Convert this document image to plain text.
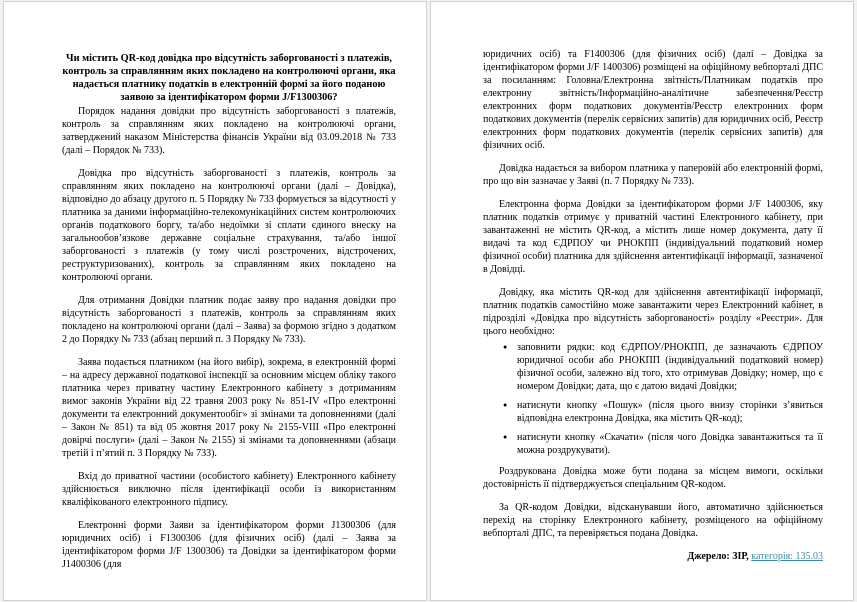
Чи містить QR-код довідка про відсутність заборгованості з платежів, контроль за справлянням яких покладено на контролюючі органи, яка надається платнику податків в електронній формі за його поданою заявою за ідентифікатором форми J/F1300306?

Порядок надання довідки про відсутність заборгованості з платежів, контроль за справлянням яких покладено на контролюючі органи, затверджений наказом Міністерства фінансів України від 03.09.2018 № 733 (далі – Порядок № 733).

Довідка про відсутність заборгованості з платежів, контроль за справлянням яких покладено на контролюючі органи (далі – Довідка), відповідно до абзацу другого п. 5 Порядку № 733 формується за відсутності у платника за даними інформаційно-телекомунікаційних систем контролюючих органів податкового боргу, та/або недоїмки зі сплати єдиного внеску на загальнообов’язкове державне соціальне страхування, та/або іншої заборгованості з платежів (у тому числі розстрочених, відстрочених, реструктуризованих), контроль за справлянням яких покладено на контролюючі органи.

Для отримання Довідки платник подає заяву про надання довідки про відсутність заборгованості з платежів, контроль за справлянням яких покладено на контролюючі органи (далі – Заява) за формою згідно з додатком 2 до Порядку № 733 (абзац перший п. 3 Порядку № 733).

Заява подається платником (на його вибір), зокрема, в електронній формі – на адресу державної податкової інспекції за основним місцем обліку такого платника через приватну частину Електронного кабінету з дотриманням вимог законів України від 22 травня 2003 року № 851-IV «Про електронні документи та електронний документообіг» зі змінами та доповненнями (далі – Закон № 851) та від 05 жовтня 2017 року № 2155-VIII «Про електронні довірчі послуги» (далі – Закон № 2155) зі змінами та доповненнями (абзаци третій і п’ятий п. 3 Порядку № 733).

Вхід до приватної частини (особистого кабінету) Електронного кабінету здійснюється виключно після ідентифікації особи із використанням кваліфікованого електронного підпису.

Електронні форми Заяви за ідентифікатором форми J1300306 (для юридичних осіб) і F1300306 (для фізичних осіб) (далі – Заява за ідентифікатором форми J/F 1300306) та Довідки за ідентифікатором форми J1400306 (для

юридичних осіб) та F1400306 (для фізичних осіб) (далі – Довідка за ідентифікатором форми J/F 1400306) розміщені на офіційному вебпорталі ДПС за посиланням: Головна/Електронна звітність/Платникам податків про електронну звітність/Інформаційно-аналітичне забезпечення/Реєстр електронних форм податкових документів/Реєстр електронних форм податкових документів (перелік сервісних запитів) для юридичних осіб, Реєстр електронних форм податкових документів (перелік сервісних запитів) для фізичних осіб.

Довідка надається за вибором платника у паперовій або електронній формі, про що він зазначає у Заяві (п. 7 Порядку № 733).

Електронна форма Довідки за ідентифікатором форми J/F 1400306, яку платник податків отримує у приватній частині Електронного кабінету, при завантаженні не містить QR-код, а містить лише номер документа, дату її видачі та код ЄДРПОУ чи РНОКПП (індивідуальний податковий номер фізичної особи) платника для здійснення автентифікації інформації, зазначеної в Довідці.

Довідку, яка містить QR-код для здійснення автентифікації інформації, платник податків самостійно може завантажити через Електронний кабінет, в підрозділі «Довідка про відсутність заборгованості» розділу «Реєстри». Для цього необхідно:

● заповнити рядки: код ЄДРПОУ/РНОКПП, де зазначають ЄДРПОУ юридичної особи або РНОКПП (індивідуальний податковий номер) фізичної особи, залежно від того, хто отримував Довідку; номер, що є номером Довідки; дата, що є датою видачі Довідки;
● натиснути кнопку «Пошук» (після цього внизу сторінки з’явиться відповідна електронна Довідка, яка містить QR-код);
● натиснути кнопку «Скачати» (після чого Довідка завантажиться та її можна роздрукувати).

Роздрукована Довідка може бути подана за місцем вимоги, оскільки достовірність її підтверджується спеціальним QR-кодом.

За QR-кодом Довідки, відсканувавши його, автоматично здійснюється перехід на сторінку Електронного кабінету, розміщеного на офіційному вебпорталі ДПС, та перевіряється подана Довідка.

Джерело: ЗІР, категорія: 135.03
